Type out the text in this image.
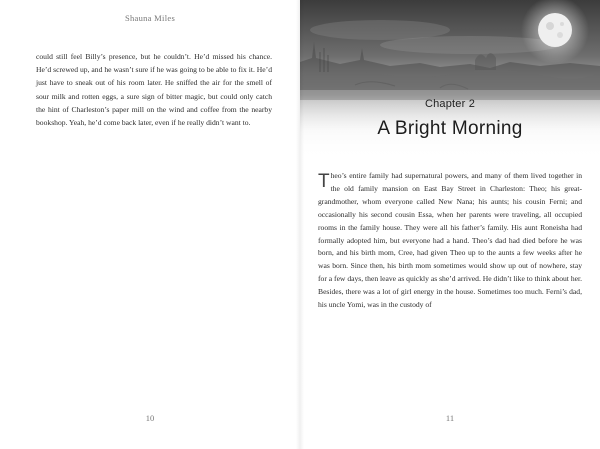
Shauna Miles

could still feel Billy’s presence, but he couldn’t. He’d missed his chance. He’d screwed up, and he wasn’t sure if he was going to be able to fix it. He’d just have to sneak out of his room later. He sniffed the air for the smell of sour milk and rotten eggs, a sure sign of bitter magic, but could only catch the hint of Charleston’s paper mill on the wind and coffee from the nearby bookshop. Yeah, he’d come back later, even if he really didn’t want to.

10
Chapter 2
A Bright Morning
T heo’s entire family had supernatural powers, and many of them lived together in the old family mansion on East Bay Street in Charleston: Theo; his great-grandmother, whom everyone called New Nana; his aunts; his cousin Ferni; and occasionally his second cousin Essa, when her parents were traveling, all occupied rooms in the family house. They were all his father’s family. His aunt Roneisha had formally adopted him, but everyone had a hand. Theo’s dad had died before he was born, and his birth mom, Cree, had given Theo up to the aunts a few weeks after he was born. Since then, his birth mom sometimes would show up out of nowhere, stay for a few days, then leave as quickly as she’d arrived. He didn’t like to think about her. Besides, there was a lot of girl energy in the house. Sometimes too much. Ferni’s dad, his uncle Yomi, was in the custody of

11
